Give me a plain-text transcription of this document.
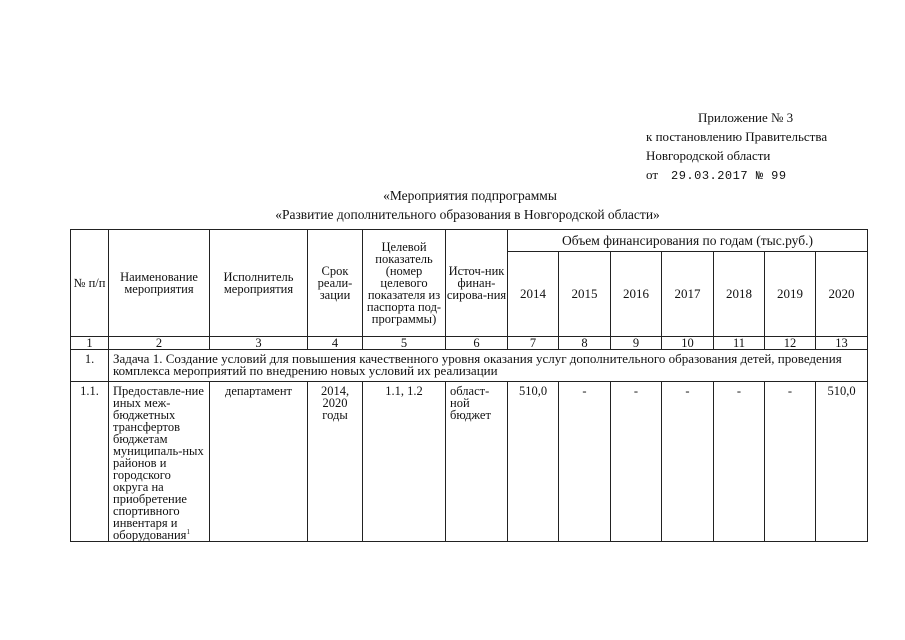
Приложение № 3
к постановлению Правительства
Новгородской области
от 29.03.2017 № 99
«Мероприятия подпрограммы
«Развитие дополнительного образования в Новгородской области»
№ п/п	Наименование мероприятия	Исполнитель мероприятия	Срок реали-зации	Целевой показатель (номер целевого показателя из паспорта под-программы)	Источ-ник финан-сирова-ния	Объем финансирования по годам (тыс.руб.)						
						2014	2015	2016	2017	2018	2019	2020
1	2	3	4	5	6	7	8	9	10	11	12	13
1.	Задача 1. Создание условий для повышения качественного уровня оказания услуг дополнительного образования детей, проведения комплекса мероприятий по внедрению новых условий их реализации											
1.1.	Предоставле-ние иных меж-бюджетных трансфертов бюджетам муниципаль-ных районов и городского округа на приобретение спортивного инвентаря и оборудования$^1$	департамент	2014, 2020 годы	1.1, 1.2	област-ной бюджет	510,0	-	-	-	-	-	510,0
